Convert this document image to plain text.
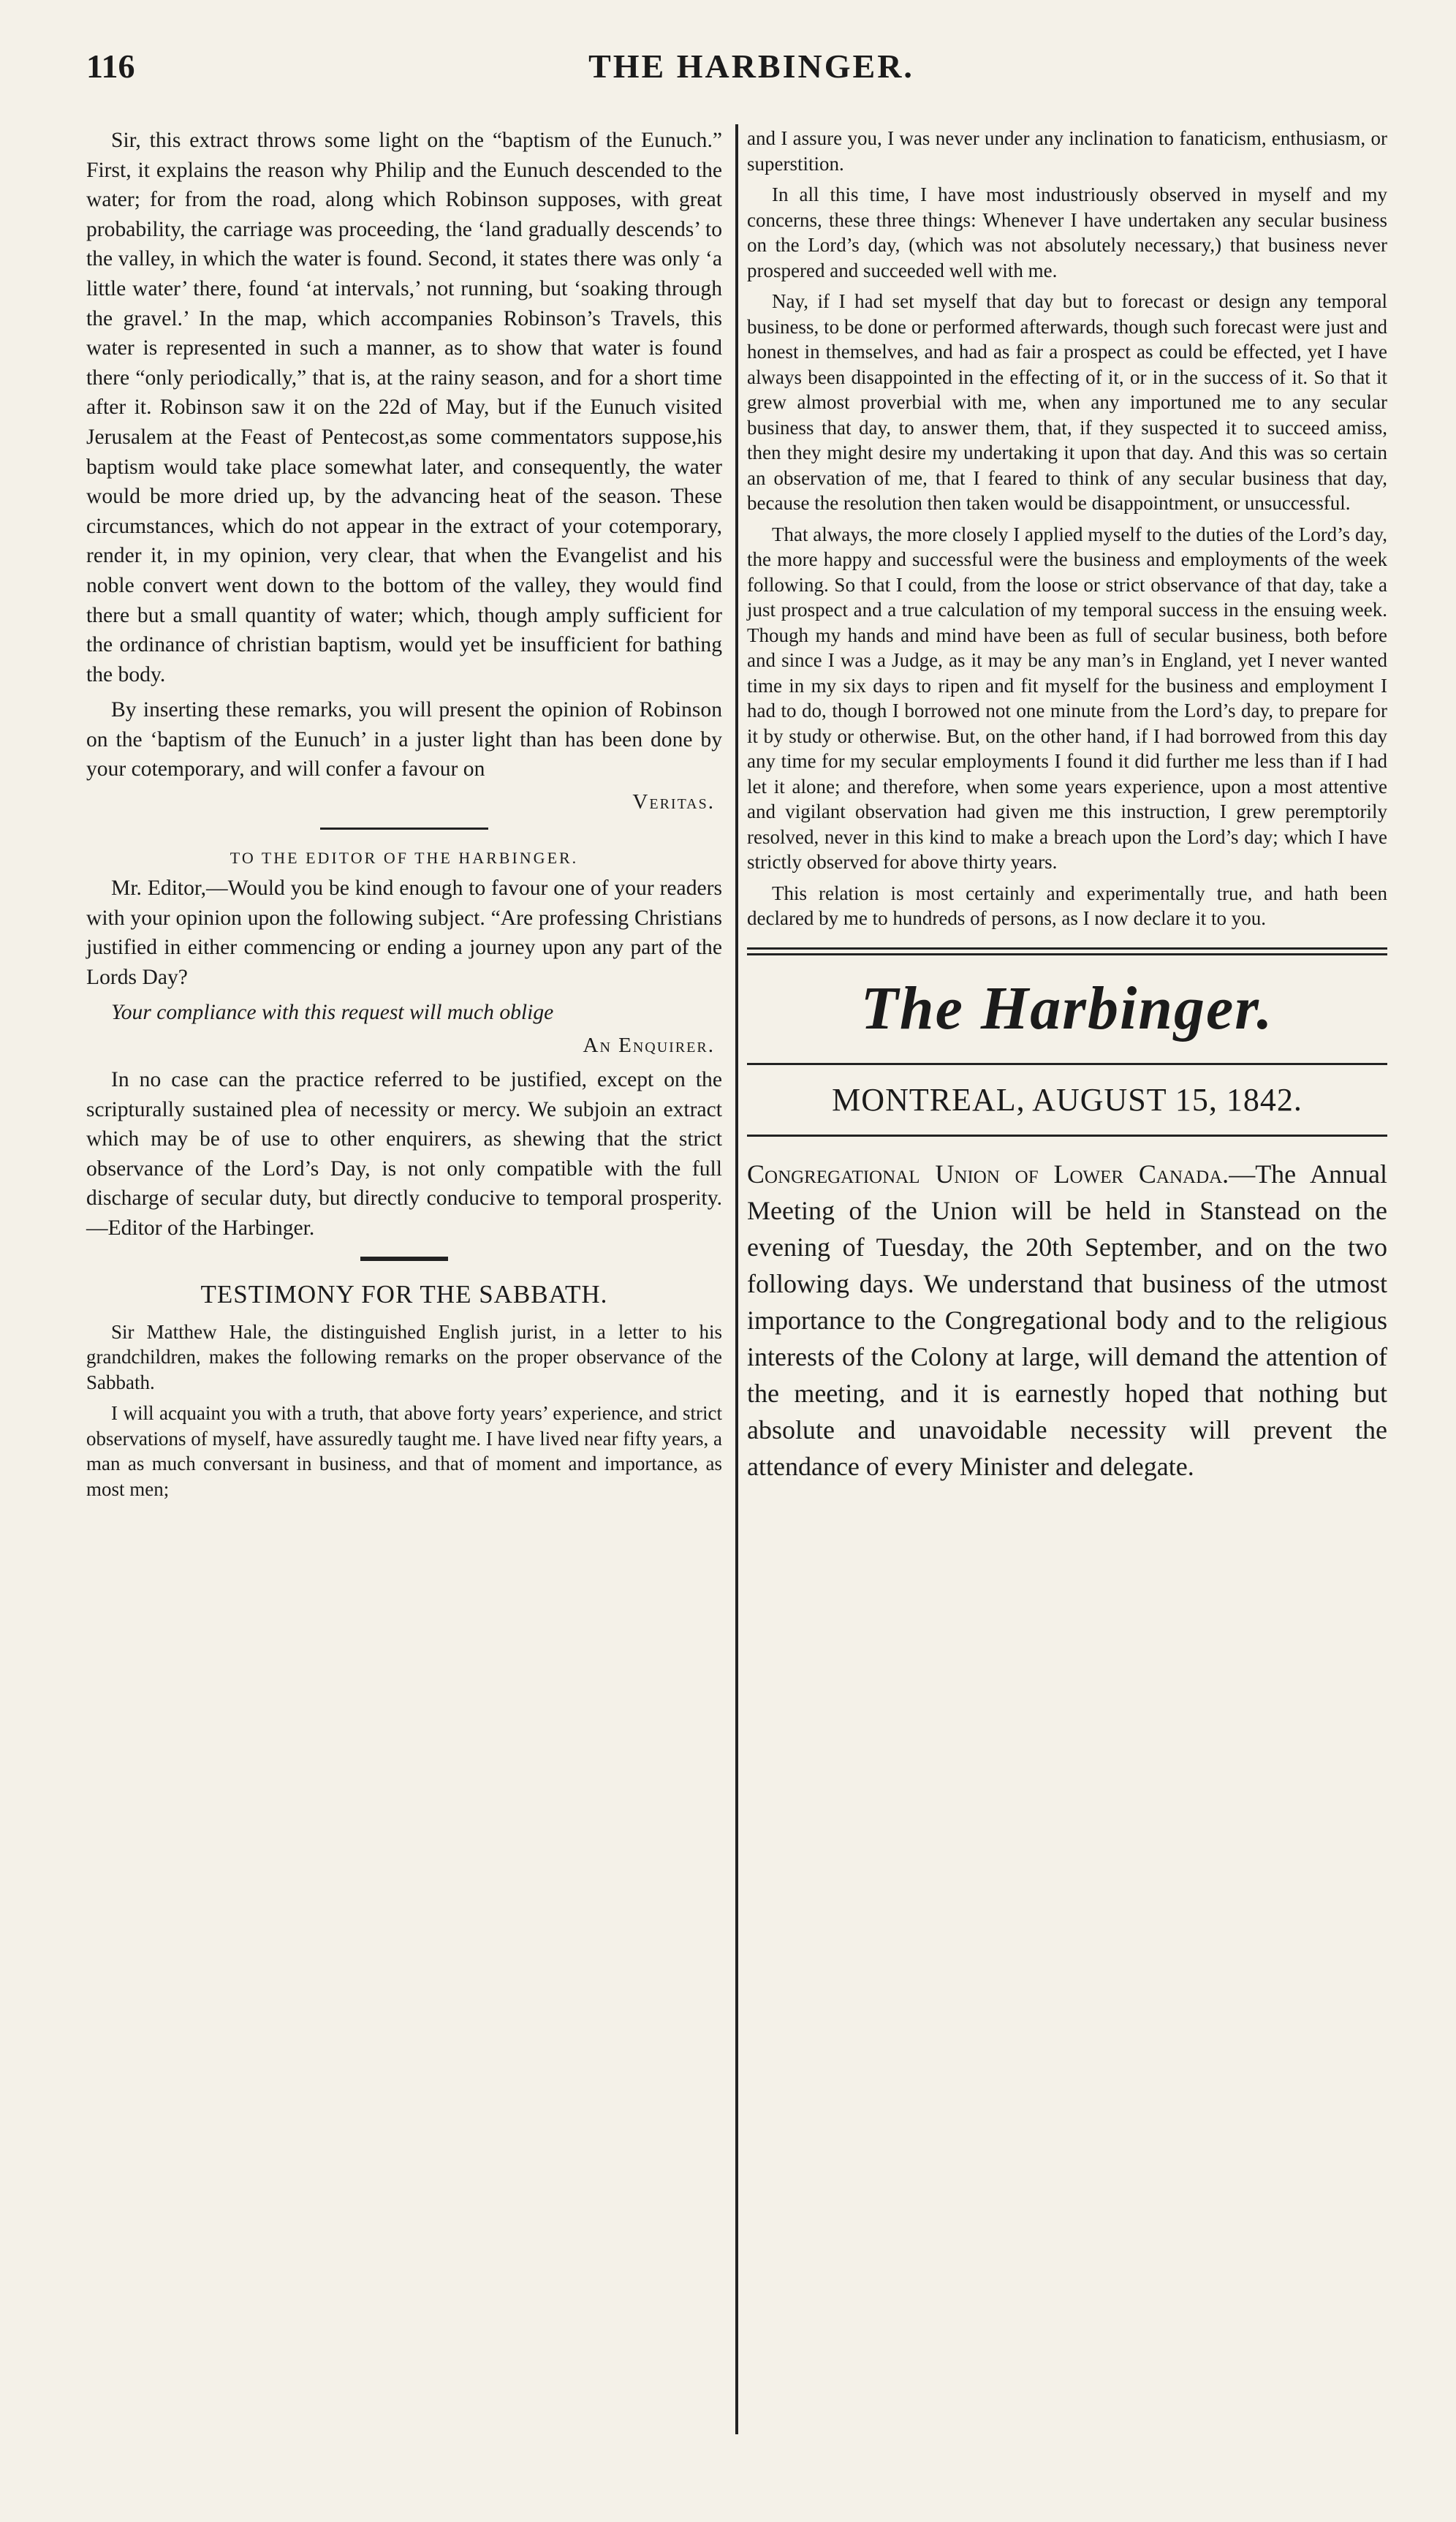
THE HARBINGER.
116

Sir, this extract throws some light on the “baptism of the Eunuch.” First, it explains the reason why Philip and the Eunuch descended to the water; for from the road, along which Robinson supposes, with great probability, the carriage was proceeding, the ‘land gradually descends’ to the valley, in which the water is found. Second, it states there was only ‘a little water’ there, found ‘at intervals,’ not running, but ‘soaking through the gravel.’ In the map, which accompanies Robinson’s Travels, this water is represented in such a manner, as to show that water is found there “only periodically,” that is, at the rainy season, and for a short time after it. Robinson saw it on the 22d of May, but if the Eunuch visited Jerusalem at the Feast of Pentecost,as some commentators suppose,his baptism would take place somewhat later, and consequently, the water would be more dried up, by the advancing heat of the season. These circumstances, which do not appear in the extract of your cotemporary, render it, in my opinion, very clear, that when the Evangelist and his noble convert went down to the bottom of the valley, they would find there but a small quantity of water; which, though amply sufficient for the ordinance of christian baptism, would yet be insufficient for bathing the body.

By inserting these remarks, you will present the opinion of Robinson on the ‘baptism of the Eunuch’ in a juster light than has been done by your cotemporary, and will confer a favour on

Veritas.
TO THE EDITOR OF THE HARBINGER.

Mr. Editor,—Would you be kind enough to favour one of your readers with your opinion upon the following subject. “Are professing Christians justified in either commencing or ending a journey upon any part of the Lords Day?

Your compliance with this request will much oblige

An Enquirer.

In no case can the practice referred to be justified, except on the scripturally sustained plea of necessity or mercy. We subjoin an extract which may be of use to other enquirers, as shewing that the strict observance of the Lord’s Day, is not only compatible with the full discharge of secular duty, but directly conducive to temporal prosperity.—Editor of the Harbinger.

TESTIMONY FOR THE SABBATH.

Sir Matthew Hale, the distinguished English jurist, in a letter to his grandchildren, makes the following remarks on the proper observance of the Sabbath.

I will acquaint you with a truth, that above forty years’ experience, and strict observations of myself, have assuredly taught me. I have lived near fifty years, a man as much conversant in business, and that of moment and importance, as most men;

and I assure you, I was never under any inclination to fanaticism, enthusiasm, or superstition.

In all this time, I have most industriously observed in myself and my concerns, these three things: Whenever I have undertaken any secular business on the Lord’s day, (which was not absolutely necessary,) that business never prospered and succeeded well with me.

Nay, if I had set myself that day but to forecast or design any temporal business, to be done or performed afterwards, though such forecast were just and honest in themselves, and had as fair a prospect as could be effected, yet I have always been disappointed in the effecting of it, or in the success of it. So that it grew almost proverbial with me, when any importuned me to any secular business that day, to answer them, that, if they suspected it to succeed amiss, then they might desire my undertaking it upon that day. And this was so certain an observation of me, that I feared to think of any secular business that day, because the resolution then taken would be disappointment, or unsuccessful.

That always, the more closely I applied myself to the duties of the Lord’s day, the more happy and successful were the business and employments of the week following. So that I could, from the loose or strict observance of that day, take a just prospect and a true calculation of my temporal success in the ensuing week. Though my hands and mind have been as full of secular business, both before and since I was a Judge, as it may be any man’s in England, yet I never wanted time in my six days to ripen and fit myself for the business and employment I had to do, though I borrowed not one minute from the Lord’s day, to prepare for it by study or otherwise. But, on the other hand, if I had borrowed from this day any time for my secular employments I found it did further me less than if I had let it alone; and therefore, when some years experience, upon a most attentive and vigilant observation had given me this instruction, I grew peremptorily resolved, never in this kind to make a breach upon the Lord’s day; which I have strictly observed for above thirty years.

This relation is most certainly and experimentally true, and hath been declared by me to hundreds of persons, as I now declare it to you.

The Harbinger.
MONTREAL, AUGUST 15, 1842.

Congregational Union of Lower Canada.—The Annual Meeting of the Union will be held in Stanstead on the evening of Tuesday, the 20th September, and on the two following days. We understand that business of the utmost importance to the Congregational body and to the religious interests of the Colony at large, will demand the attention of the meeting, and it is earnestly hoped that nothing but absolute and unavoidable necessity will prevent the attendance of every Minister and delegate.
